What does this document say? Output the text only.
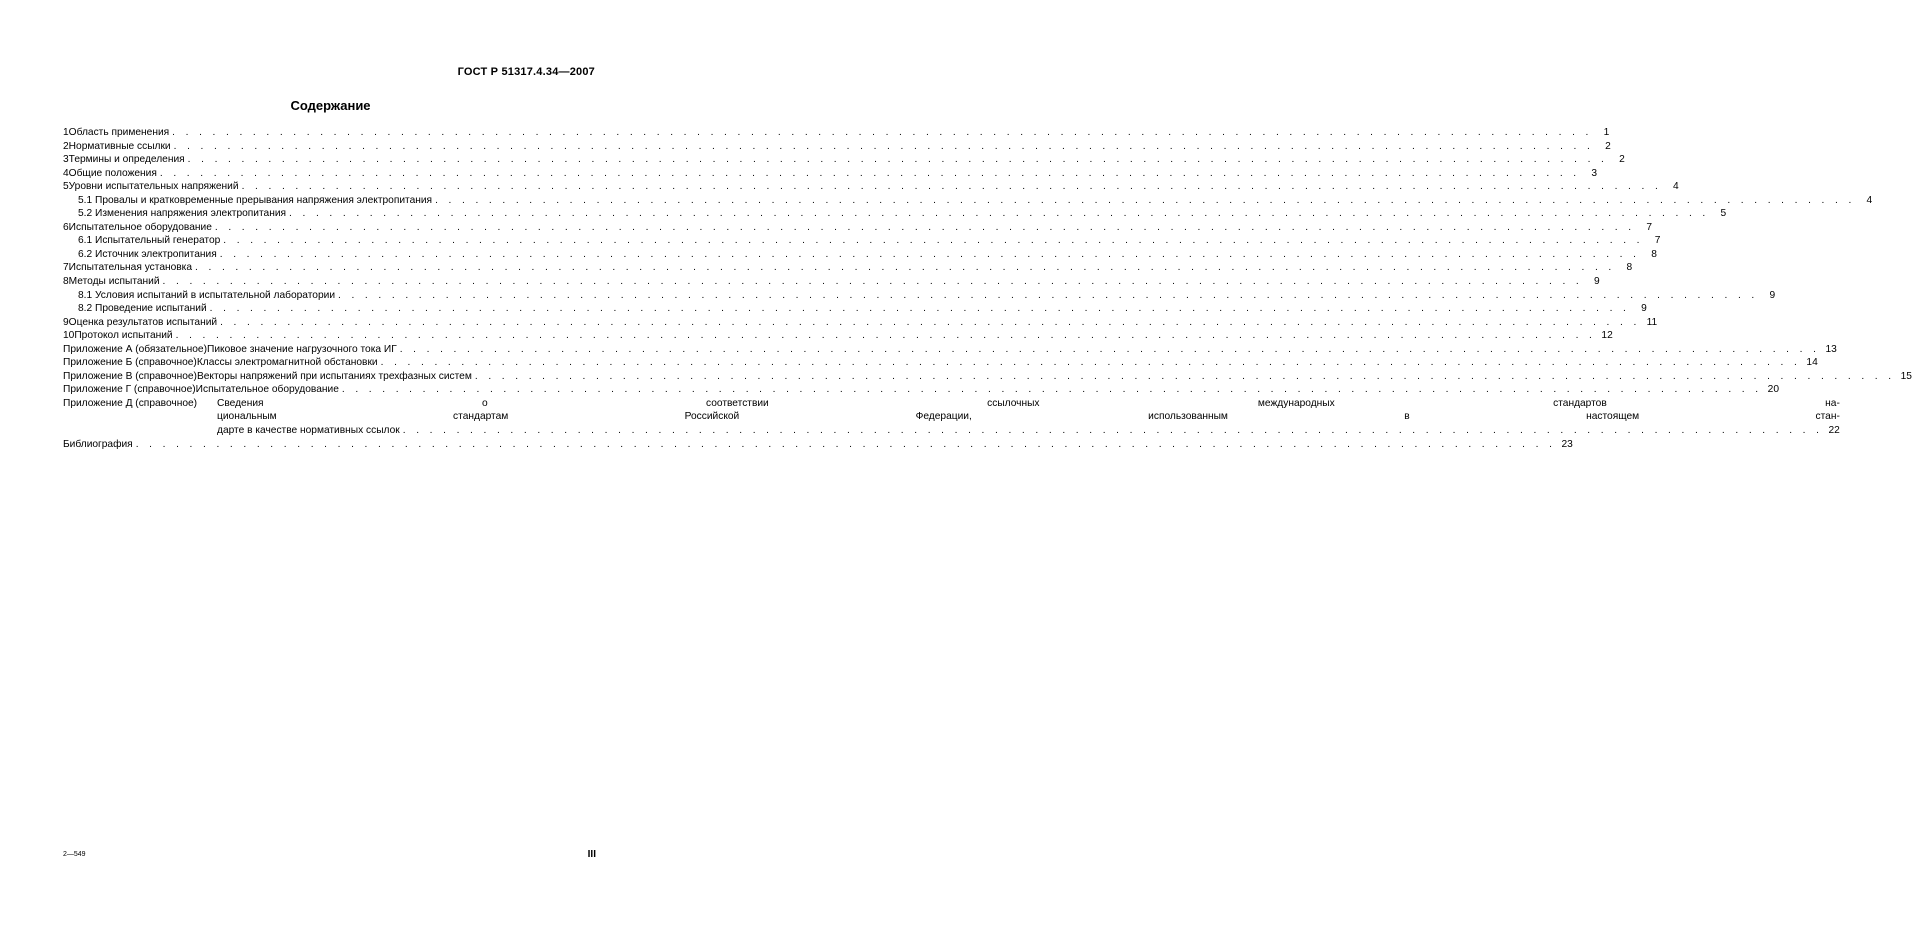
ГОСТ Р 51317.4.34—2007
Содержание
1 Область применения . . .	1
2 Нормативные ссылки . . .	2
3 Термины и определения . . .	2
4 Общие положения . . .	3
5 Уровни испытательных напряжений . . .	4
5.1 Провалы и кратковременные прерывания напряжения электропитания . . .	4
5.2 Изменения напряжения электропитания . . .	5
6 Испытательное оборудование . . .	7
6.1 Испытательный генератор . . .	7
6.2 Источник электропитания . . .	8
7 Испытательная установка . . .	8
8 Методы испытаний . . .	9
8.1 Условия испытаний в испытательной лаборатории . . .	9
8.2 Проведение испытаний . . .	9
9 Оценка результатов испытаний . . .	11
10 Протокол испытаний . . .	12
Приложение А (обязательное) Пиковое значение нагрузочного тока ИГ . . .	13
Приложение Б (справочное) Классы электромагнитной обстановки . . .	14
Приложение В (справочное) Векторы напряжений при испытаниях трехфазных систем . . .	15
Приложение Г (справочное) Испытательное оборудование . . .	20
Приложение Д (справочное)	Сведения о соответствии ссылочных международных стандартов на-
циональным стандартам Российской Федерации, использованным в настоящем стан-
дарте в качестве нормативных ссылок . . .	22
Библиография . . .	23
2—549	III
